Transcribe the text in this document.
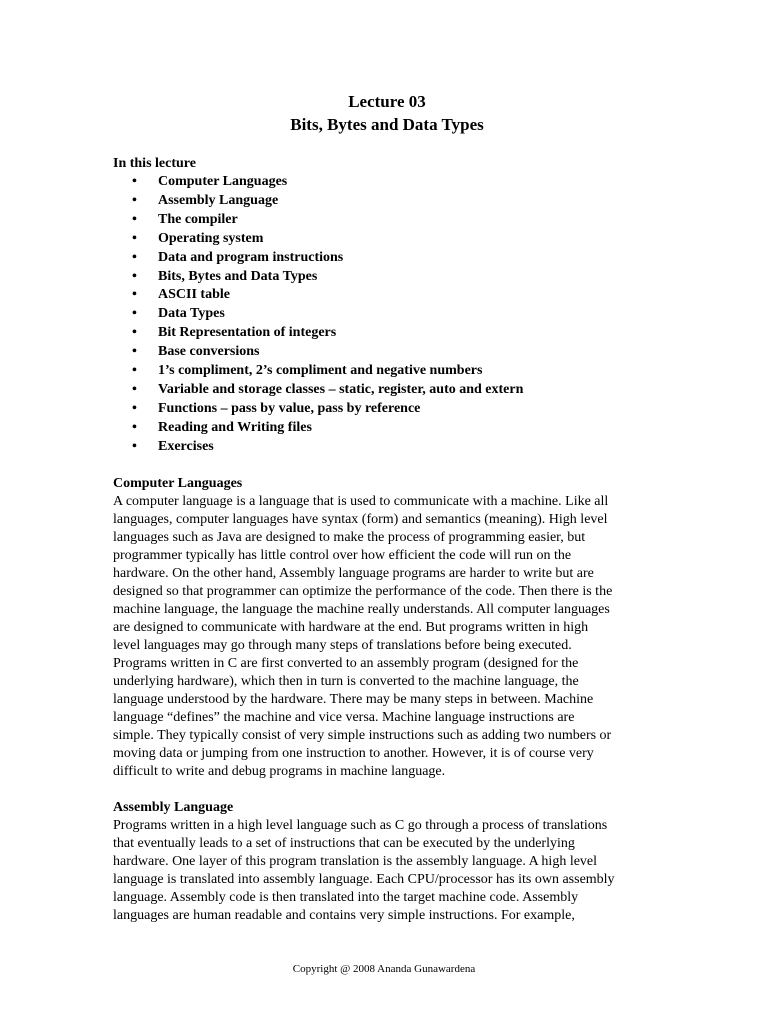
Lecture 03
Bits, Bytes and Data Types
In this lecture
• Computer Languages
• Assembly Language
• The compiler
• Operating system
• Data and program instructions
• Bits, Bytes and Data Types
• ASCII table
• Data Types
• Bit Representation of integers
• Base conversions
• 1’s compliment, 2’s compliment and negative numbers
• Variable and storage classes – static, register, auto and extern
• Functions – pass by value, pass by reference
• Reading and Writing files
• Exercises
Computer Languages
A computer language is a language that is used to communicate with a machine. Like all
languages, computer languages have syntax (form) and semantics (meaning). High level
languages such as Java are designed to make the process of programming easier, but
programmer typically has little control over how efficient the code will run on the
hardware. On the other hand, Assembly language programs are harder to write but are
designed so that programmer can optimize the performance of the code. Then there is the
machine language, the language the machine really understands. All computer languages
are designed to communicate with hardware at the end. But programs written in high
level languages may go through many steps of translations before being executed.
Programs written in C are first converted to an assembly program (designed for the
underlying hardware), which then in turn is converted to the machine language, the
language understood by the hardware. There may be many steps in between. Machine
language “defines” the machine and vice versa. Machine language instructions are
simple. They typically consist of very simple instructions such as adding two numbers or
moving data or jumping from one instruction to another. However, it is of course very
difficult to write and debug programs in machine language.
Assembly Language
Programs written in a high level language such as C go through a process of translations
that eventually leads to a set of instructions that can be executed by the underlying
hardware. One layer of this program translation is the assembly language. A high level
language is translated into assembly language. Each CPU/processor has its own assembly
language. Assembly code is then translated into the target machine code. Assembly
languages are human readable and contains very simple instructions. For example,
Copyright @ 2008 Ananda Gunawardena
